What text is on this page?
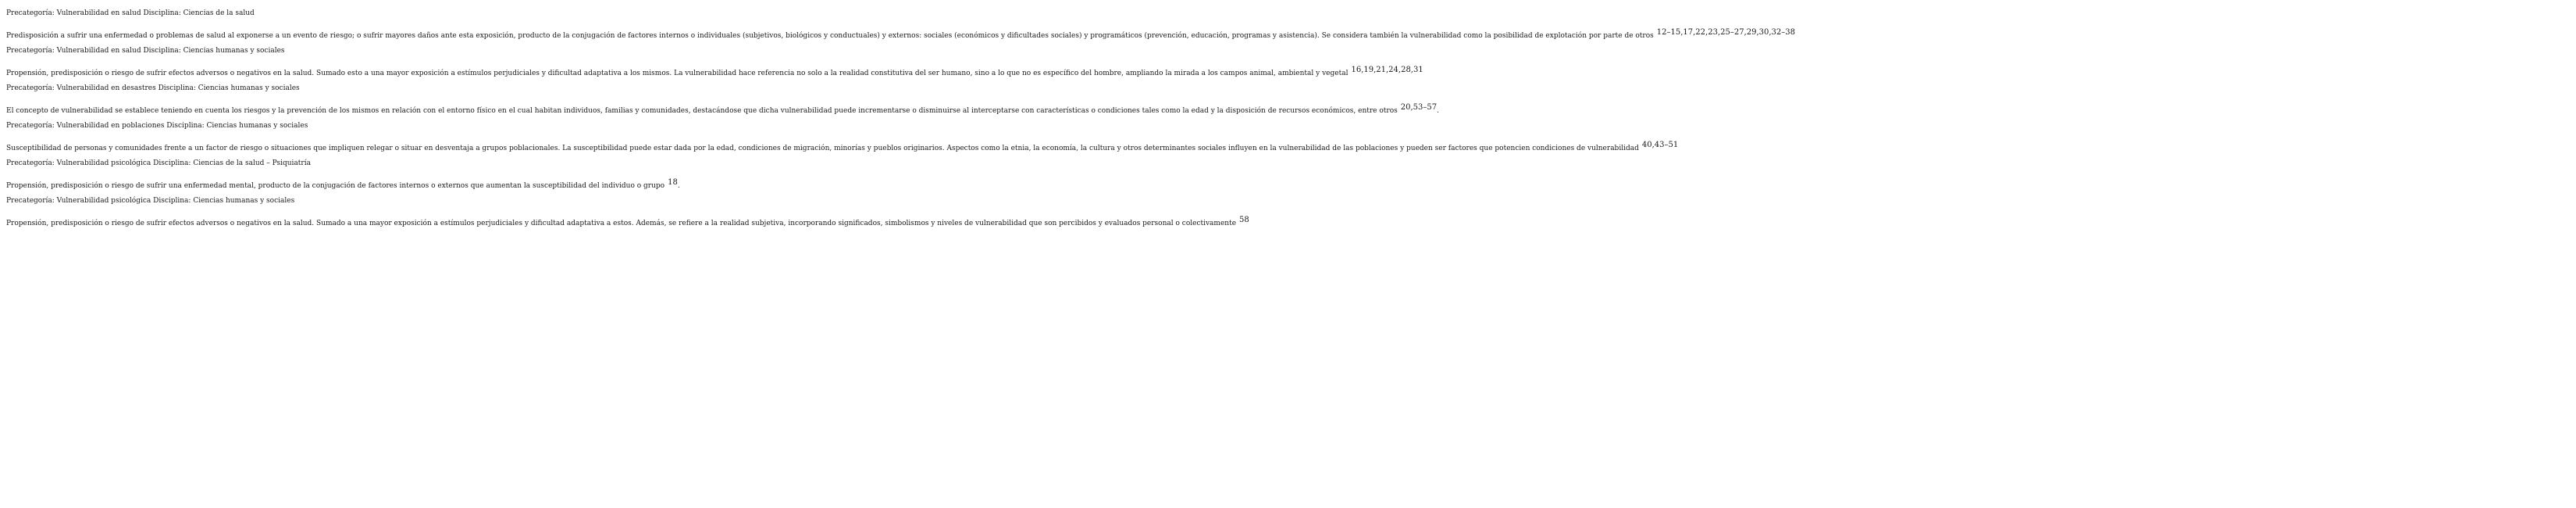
Precategoría: Vulnerabilidad en salud Disciplina: Ciencias de la salud

Predisposición a sufrir una enfermedad o problemas de salud al exponerse a un evento de riesgo; o sufrir mayores daños ante esta exposición, producto de la conjugación de factores internos o individuales (subjetivos, biológicos y conductuales) y externos: sociales (económicos y dificultades sociales) y programáticos (prevención, educación, programas y asistencia). Se considera también la vulnerabilidad como la posibilidad de explotación por parte de otros $^{12-15,17,22,23,25-27,29,30,32-38}$

Precategoría: Vulnerabilidad en salud Disciplina: Ciencias humanas y sociales

Propensión, predisposición o riesgo de sufrir efectos adversos o negativos en la salud. Sumado esto a una mayor exposición a estímulos perjudiciales y dificultad adaptativa a los mismos. La vulnerabilidad hace referencia no solo a la realidad constitutiva del ser humano, sino a lo que no es específico del hombre, ampliando la mirada a los campos animal, ambiental y vegetal $^{16,19,21,24,28,31}$

Precategoría: Vulnerabilidad en desastres Disciplina: Ciencias humanas y sociales

El concepto de vulnerabilidad se establece teniendo en cuenta los riesgos y la prevención de los mismos en relación con el entorno físico en el cual habitan individuos, familias y comunidades, destacándose que dicha vulnerabilidad puede incrementarse o disminuirse al interceptarse con características o condiciones tales como la edad y la disposición de recursos económicos, entre otros $^{20,53-57}$.

Precategoría: Vulnerabilidad en poblaciones Disciplina: Ciencias humanas y sociales

Susceptibilidad de personas y comunidades frente a un factor de riesgo o situaciones que impliquen relegar o situar en desventaja a grupos poblacionales. La susceptibilidad puede estar dada por la edad, condiciones de migración, minorías y pueblos originarios. Aspectos como la etnia, la economía, la cultura y otros determinantes sociales influyen en la vulnerabilidad de las poblaciones y pueden ser factores que potencien condiciones de vulnerabilidad $^{40,43-51}$

Precategoría: Vulnerabilidad psicológica Disciplina: Ciencias de la salud – Psiquiatría

Propensión, predisposición o riesgo de sufrir una enfermedad mental, producto de la conjugación de factores internos o externos que aumentan la susceptibilidad del individuo o grupo $^{18}$.

Precategoría: Vulnerabilidad psicológica Disciplina: Ciencias humanas y sociales

Propensión, predisposición o riesgo de sufrir efectos adversos o negativos en la salud. Sumado a una mayor exposición a estímulos perjudiciales y dificultad adaptativa a estos. Además, se refiere a la realidad subjetiva, incorporando significados, simbolismos y niveles de vulnerabilidad que son percibidos y evaluados personal o colectivamente $^{58}$
